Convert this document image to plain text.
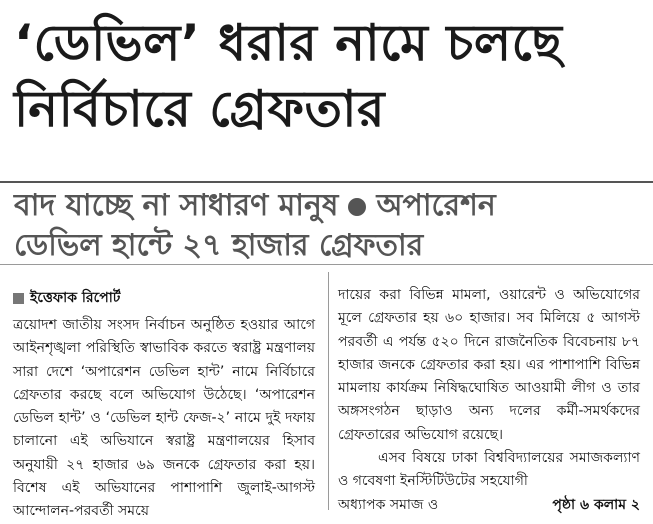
‘ডেভিল’ ধরার নামে চলছে
নির্বিচারে গ্রেফতার
বাদ যাচ্ছে না সাধারণ মানুষ অপারেশন
ডেভিল হান্টে ২৭ হাজার গ্রেফতার
ইত্তেফাক রিপোর্ট
ত্রয়োদশ জাতীয় সংসদ নির্বাচন অনুষ্ঠিত হওয়ার আগে আইনশৃঙ্খলা পরিস্থিতি স্বাভাবিক করতে স্বরাষ্ট্র মন্ত্রণালয় সারা দেশে ‘অপারেশন ডেভিল হান্ট’ নামে নির্বিচারে গ্রেফতার করছে বলে অভিযোগ উঠেছে। ‘অপারেশন ডেভিল হান্ট’ ও ‘ডেভিল হান্ট ফেজ-২’ নামে দুই দফায় চালানো এই অভিযানে স্বরাষ্ট্র মন্ত্রণালয়ের হিসাব অনুযায়ী ২৭ হাজার ৬৯ জনকে গ্রেফতার করা হয়। বিশেষ এই অভিযানের পাশাপাশি জুলাই-আগস্ট আন্দোলন-পরবর্তী সময়ে
দায়ের করা বিভিন্ন মামলা, ওয়ারেন্ট ও অভিযোগের মূলে গ্রেফতার হয় ৬০ হাজার। সব মিলিয়ে ৫ আগস্ট পরবর্তী এ পর্যন্ত ৫২০ দিনে রাজনৈতিক বিবেচনায় ৮৭ হাজার জনকে গ্রেফতার করা হয়। এর পাশাপাশি বিভিন্ন মামলায় কার্যক্রম নিষিদ্ধঘোষিত আওয়ামী লীগ ও তার অঙ্গসংগঠন ছাড়াও অন্য দলের কর্মী-সমর্থকদের গ্রেফতারের অভিযোগ রয়েছে।
এসব বিষয়ে ঢাকা বিশ্ববিদ্যালয়ের সমাজকল্যাণ ও গবেষণা ইনস্টিটিউটের সহযোগী
অধ্যাপক সমাজ ও	পৃষ্ঠা ৬ কলাম ২
